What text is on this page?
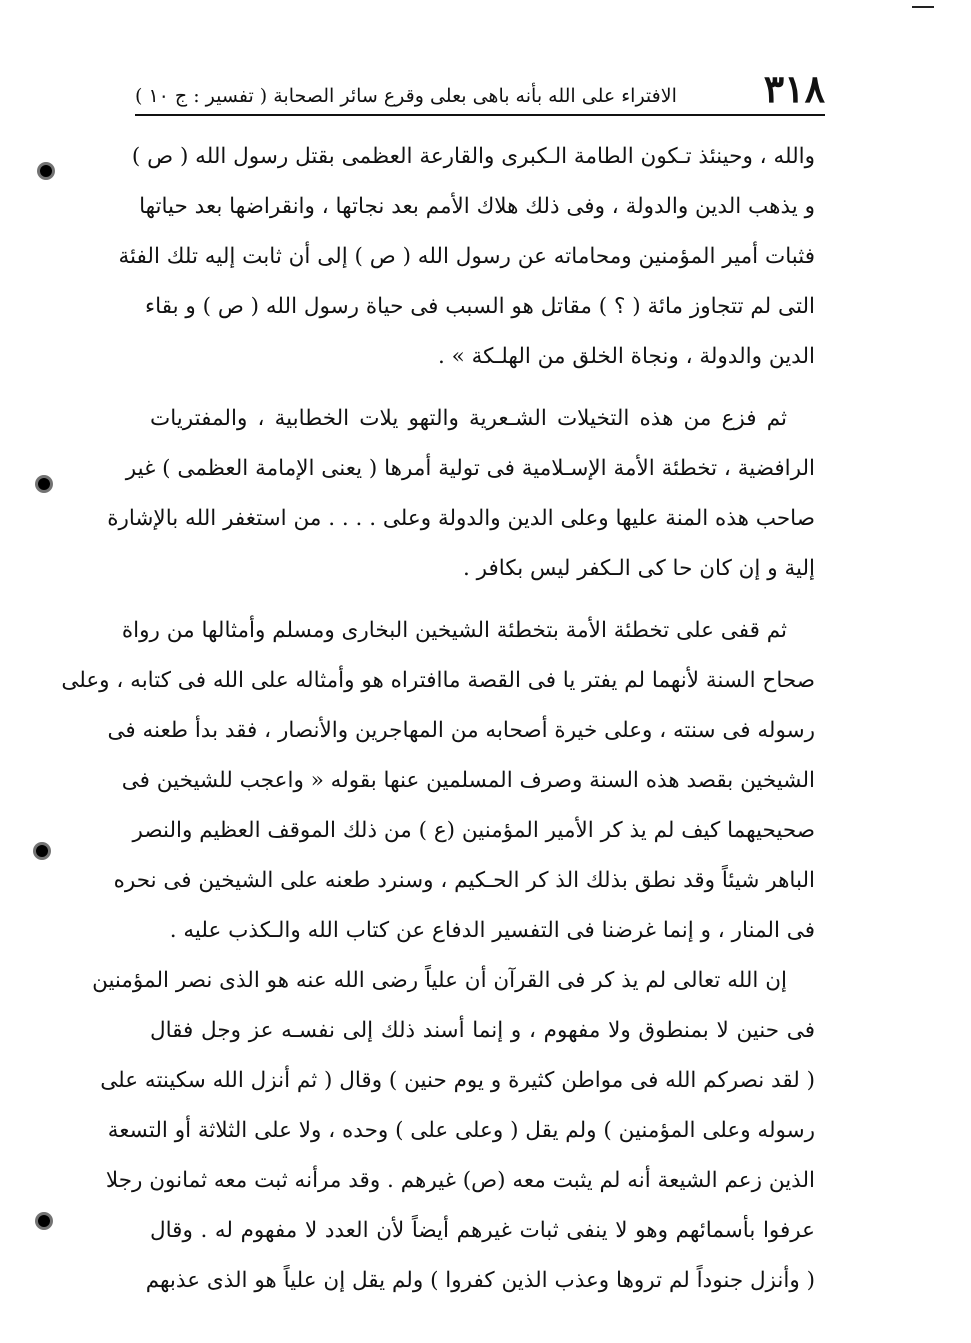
٣١٨
الافتراء على الله بأنه باهى بعلى وقرع سائر الصحابة ( تفسير : ج ١٠ )

والله ، وحينئذ تـكون الطامة الـكبرى والقارعة العظمى بقتل رسول الله ( ص )
و يذهب الدين والدولة ، وفى ذلك هلاك الأمم بعد نجاتها ، وانقراضها بعد حياتها
فثبات أمير المؤمنين ومحاماته عن رسول الله ( ص ) إلى أن ثابت إليه تلك الفئة
التى لم تتجاوز مائة ( ؟ ) مقاتل هو السبب فى حياة رسول الله ( ص ) و بقاء
الدين والدولة ، ونجاة الخلق من الهلـكة » .

ثم فزع من هذه التخيلات الشـعرية والتهو يلات الخطابية ، والمفتريات
الرافضية ، تخطئة الأمة الإسـلامية فى تولية أمرها ( يعنى الإمامة العظمى ) غير
صاحب هذه المنة عليها وعلى الدين والدولة وعلى . . . . من استغفر الله بالإشارة
إلية و إن كان حا كى الـكفر ليس بكافر .

ثم قفى على تخطئة الأمة بتخطئة الشيخين البخارى ومسلم وأمثالها من رواة
صحاح السنة لأنهما لم يفتر يا فى القصة ماافتراه هو وأمثاله على الله فى كتابه ، وعلى
رسوله فى سنته ، وعلى خيرة أصحابه من المهاجرين والأنصار ، فقد بدأ طعنه فى
الشيخين بقصد هذه السنة وصرف المسلمين عنها بقوله « واعجب للشيخين فى
صحيحيهما كيف لم يذ كر الأمير المؤمنين (ع ) من ذلك الموقف العظيم والنصر
الباهر شيئاً وقد نطق بذلك الذ كر الحـكيم ، وسنرد طعنه على الشيخين فى نحره
فى المنار ، و إنما غرضنا فى التفسير الدفاع عن كتاب الله والـكذب عليه .

إن الله تعالى لم يذ كر فى القرآن أن علياً رضى الله عنه هو الذى نصر المؤمنين
فى حنين لا بمنطوق ولا مفهوم ، و إنما أسند ذلك إلى نفسـه عز وجل فقال
( لقد نصركم الله فى مواطن كثيرة و يوم حنين ) وقال ( ثم أنزل الله سكينته على
رسوله وعلى المؤمنين ) ولم يقل ( وعلى على ) وحده ، ولا على الثلاثة أو التسعة
الذين زعم الشيعة أنه لم يثبت معه (ص) غيرهم . وقد مرأنه ثبت معه ثمانون رجلا
عرفوا بأسمائهم وهو لا ينفى ثبات غيرهم أيضاً لأن العدد لا مفهوم له . وقال
( وأنزل جنوداً لم تروها وعذب الذين كفروا ) ولم يقل إن علياً هو الذى عذبهم
